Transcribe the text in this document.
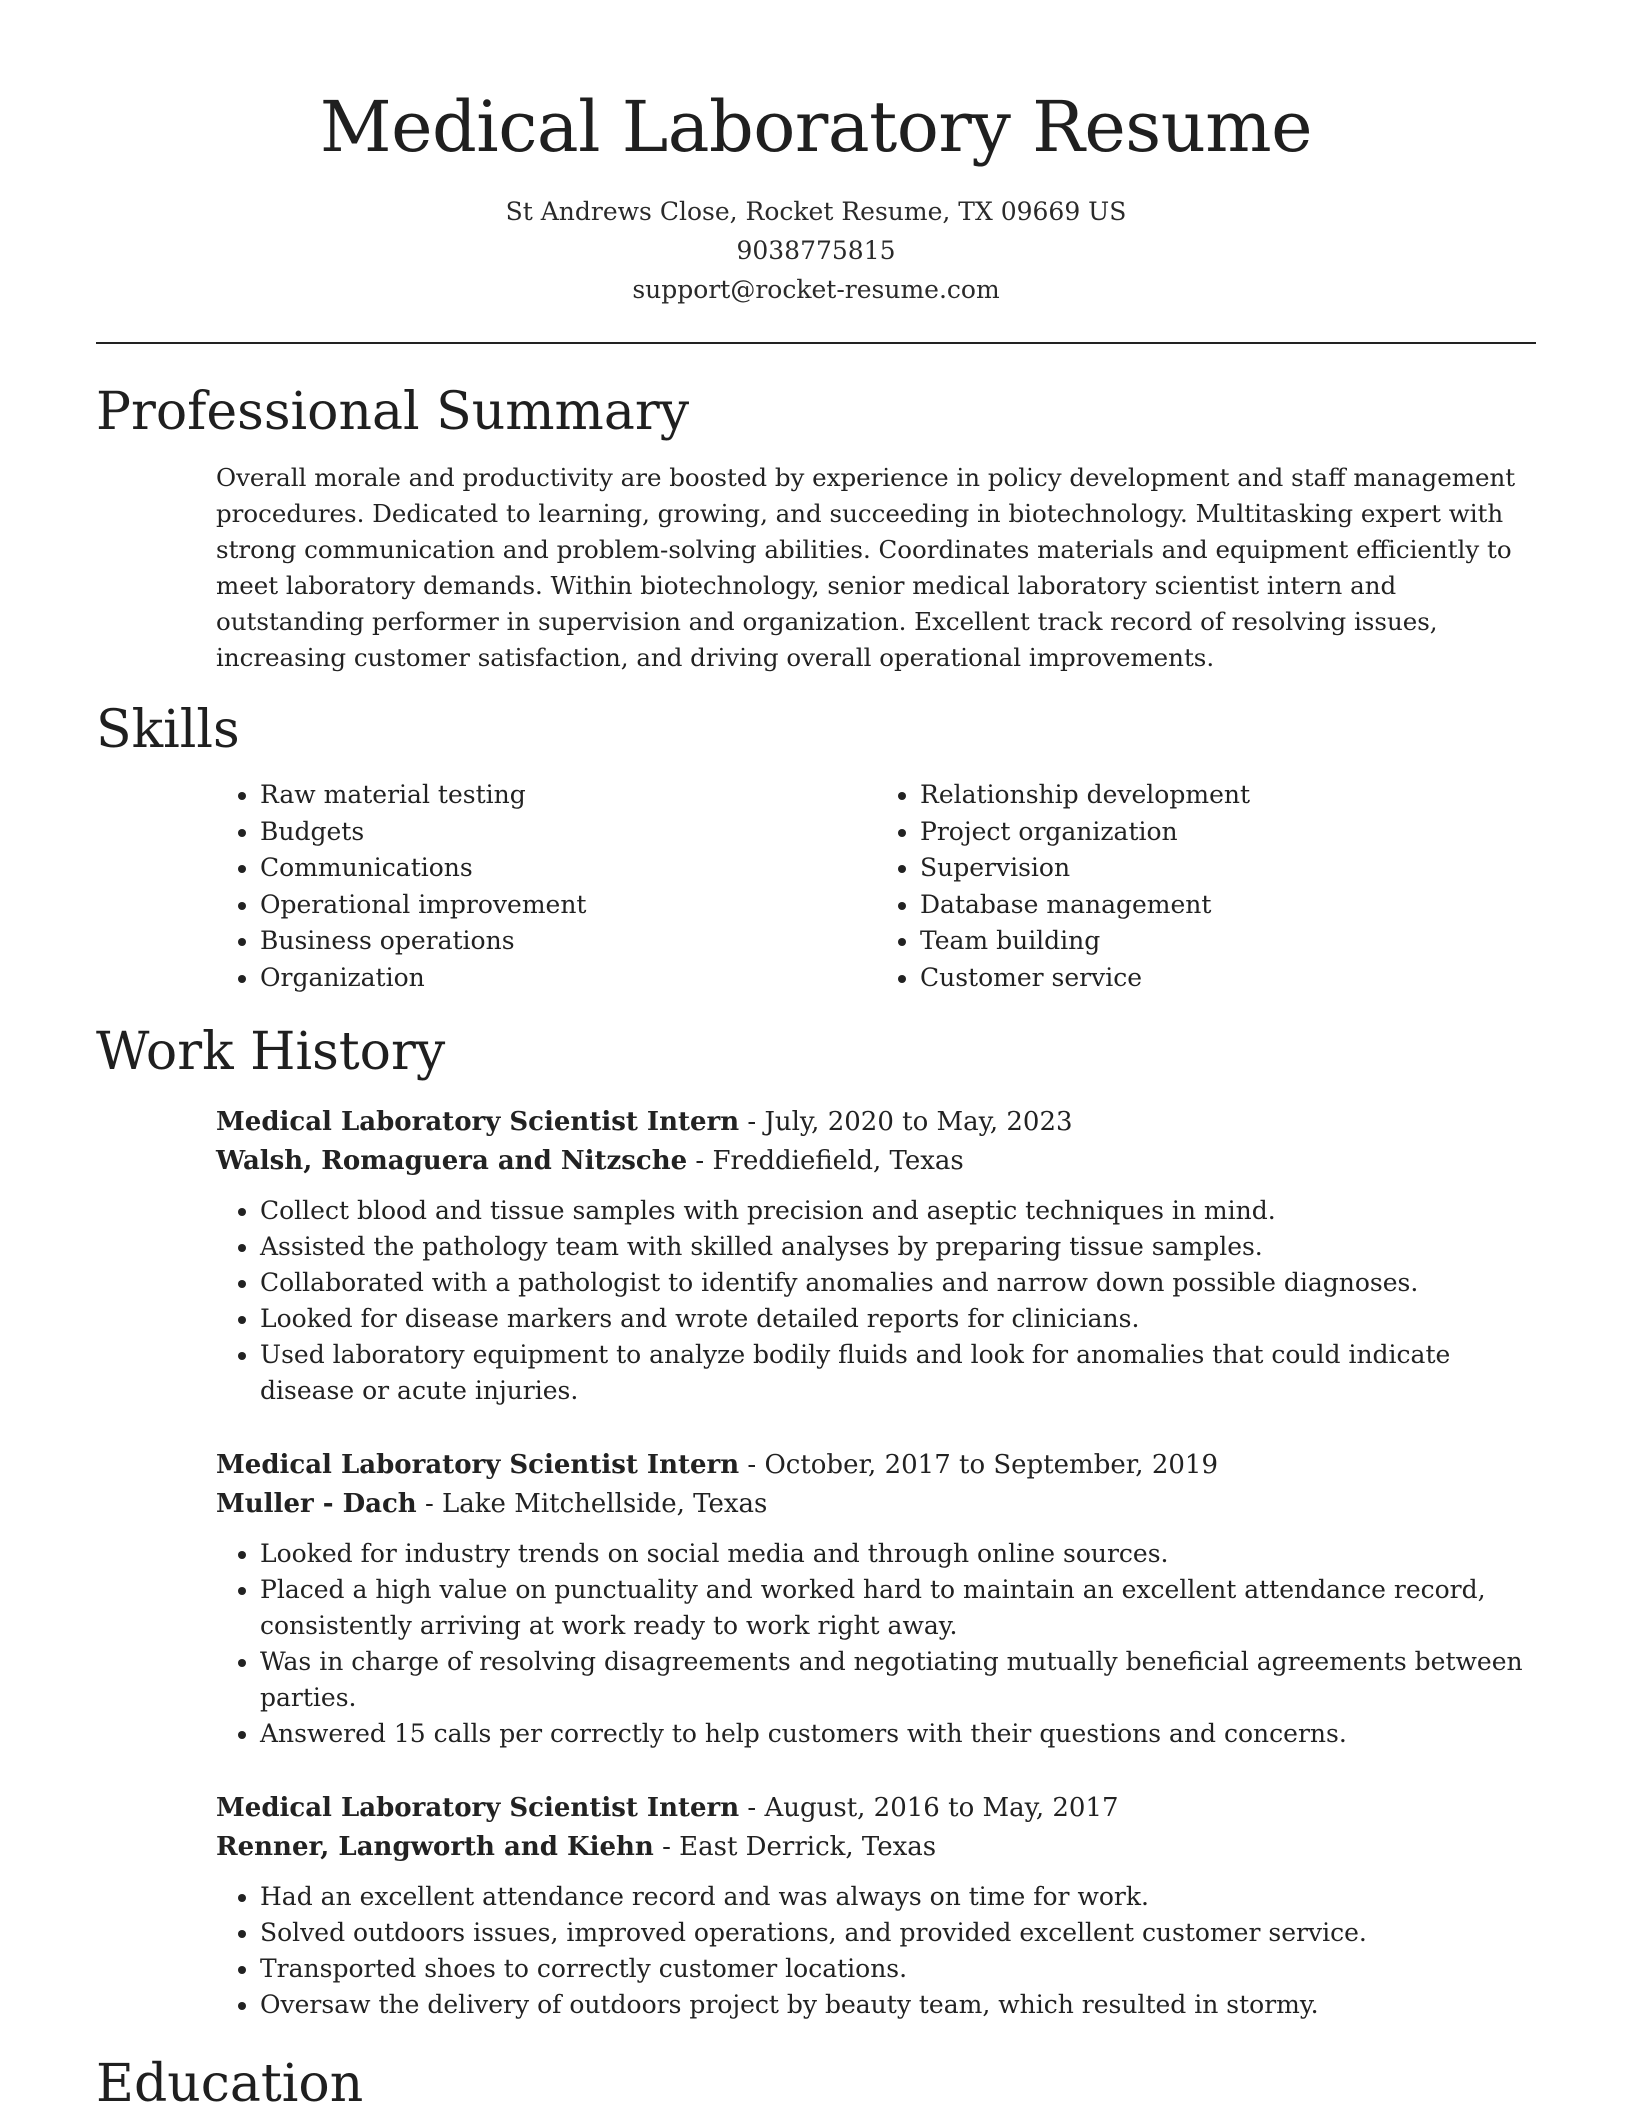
Medical Laboratory Resume
St Andrews Close, Rocket Resume, TX 09669 US
9038775815
support@rocket-resume.com
Professional Summary

Overall morale and productivity are boosted by experience in policy development and staff management procedures. Dedicated to learning, growing, and succeeding in biotechnology. Multitasking expert with strong communication and problem-solving abilities. Coordinates materials and equipment efficiently to meet laboratory demands. Within biotechnology, senior medical laboratory scientist intern and outstanding performer in supervision and organization. Excellent track record of resolving issues, increasing customer satisfaction, and driving overall operational improvements.

Skills
• Raw material testing
• Budgets
• Communications
• Operational improvement
• Business operations
• Organization
• Relationship development
• Project organization
• Supervision
• Database management
• Team building
• Customer service
Work History
Medical Laboratory Scientist Intern - July, 2020 to May, 2023
Walsh, Romaguera and Nitzsche - Freddiefield, Texas
• Collect blood and tissue samples with precision and aseptic techniques in mind.
• Assisted the pathology team with skilled analyses by preparing tissue samples.
• Collaborated with a pathologist to identify anomalies and narrow down possible diagnoses.
• Looked for disease markers and wrote detailed reports for clinicians.
• Used laboratory equipment to analyze bodily fluids and look for anomalies that could indicate disease or acute injuries.
Medical Laboratory Scientist Intern - October, 2017 to September, 2019
Muller - Dach - Lake Mitchellside, Texas
• Looked for industry trends on social media and through online sources.
• Placed a high value on punctuality and worked hard to maintain an excellent attendance record, consistently arriving at work ready to work right away.
• Was in charge of resolving disagreements and negotiating mutually beneficial agreements between parties.
• Answered 15 calls per correctly to help customers with their questions and concerns.
Medical Laboratory Scientist Intern - August, 2016 to May, 2017
Renner, Langworth and Kiehn - East Derrick, Texas
• Had an excellent attendance record and was always on time for work.
• Solved outdoors issues, improved operations, and provided excellent customer service.
• Transported shoes to correctly customer locations.
• Oversaw the delivery of outdoors project by beauty team, which resulted in stormy.
Education
